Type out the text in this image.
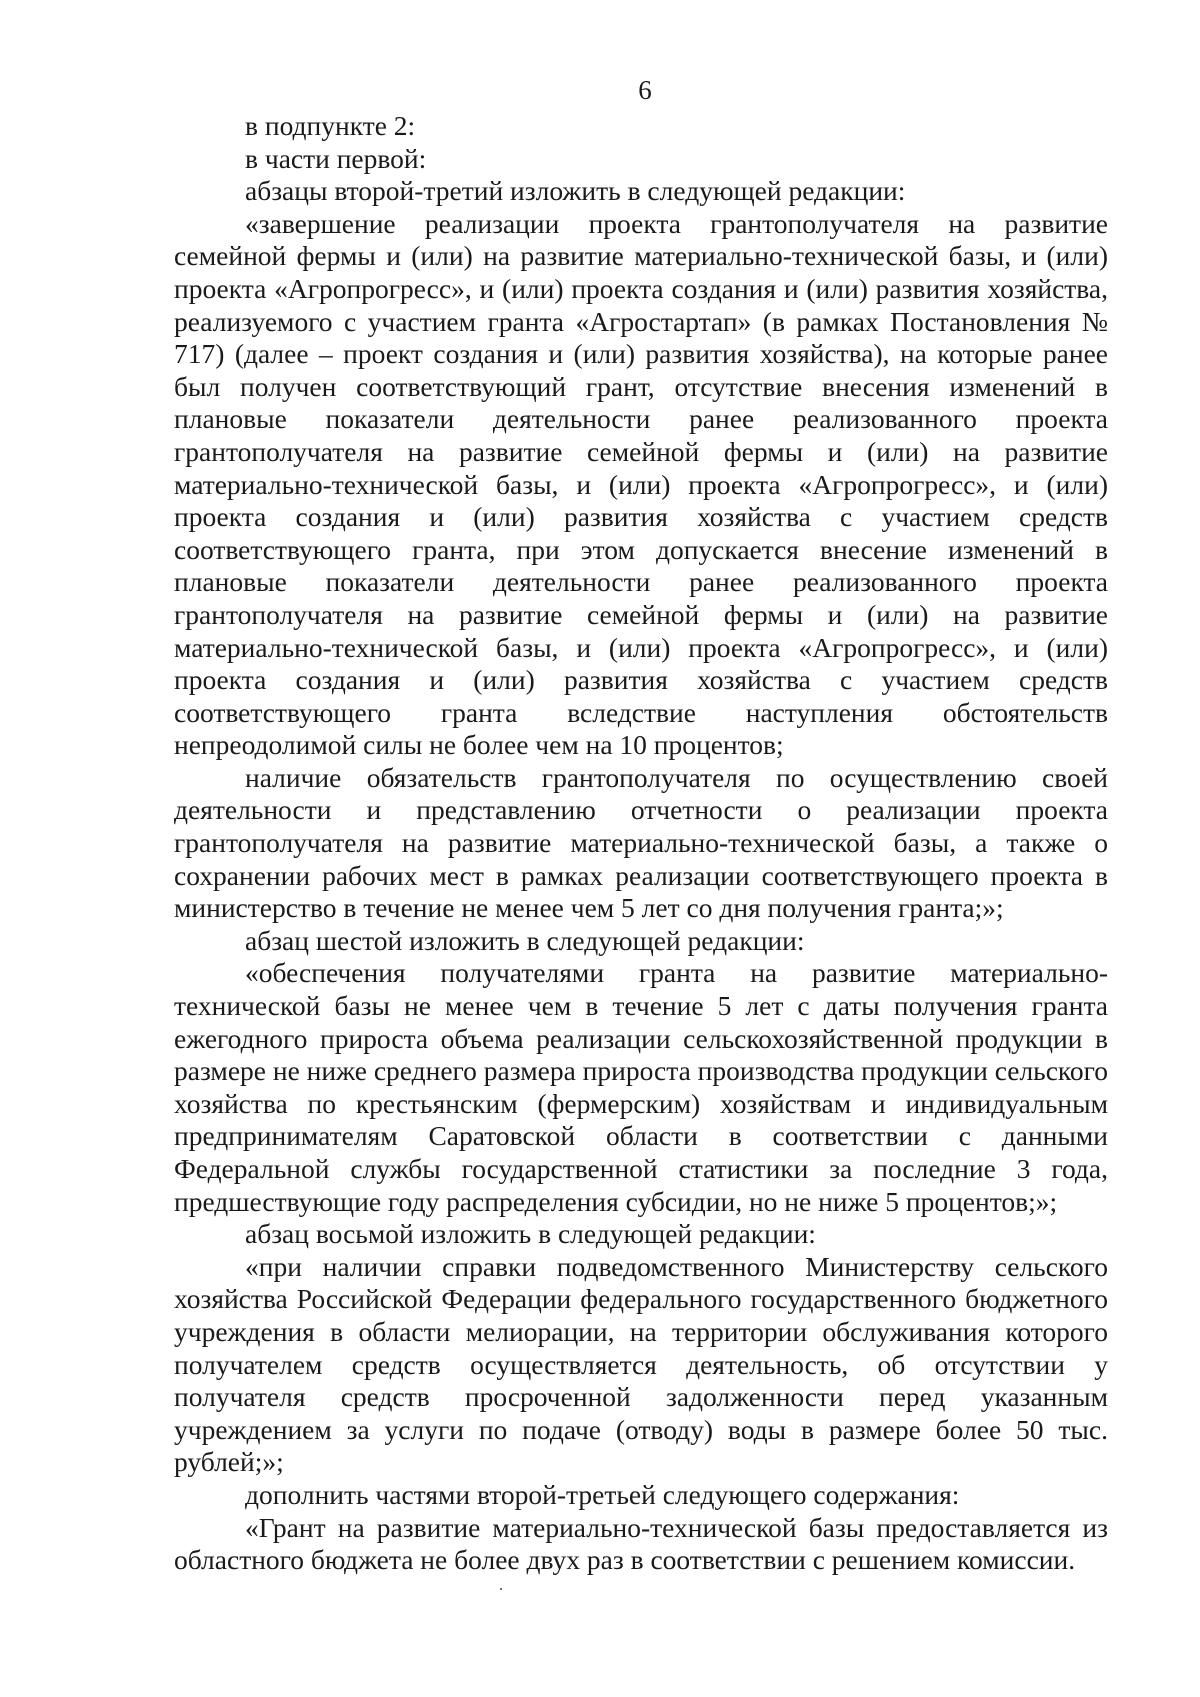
6

в подпункте 2:

в части первой:

абзацы второй-третий изложить в следующей редакции:

«завершение реализации проекта грантополучателя на развитие семейной фермы и (или) на развитие материально-технической базы, и (или) проекта «Агропрогресс», и (или) проекта создания и (или) развития хозяйства, реализуемого с участием гранта «Агростартап» (в рамках Постановления № 717) (далее – проект создания и (или) развития хозяйства), на которые ранее был получен соответствующий грант, отсутствие внесения изменений в плановые показатели деятельности ранее реализованного проекта грантополучателя на развитие семейной фермы и (или) на развитие материально-технической базы, и (или) проекта «Агропрогресс», и (или) проекта создания и (или) развития хозяйства с участием средств соответствующего гранта, при этом допускается внесение изменений в плановые показатели деятельности ранее реализованного проекта грантополучателя на развитие семейной фермы и (или) на развитие материально-технической базы, и (или) проекта «Агропрогресс», и (или) проекта создания и (или) развития хозяйства с участием средств соответствующего гранта вследствие наступления обстоятельств непреодолимой силы не более чем на 10 процентов;

наличие обязательств грантополучателя по осуществлению своей деятельности и представлению отчетности о реализации проекта грантополучателя на развитие материально-технической базы, а также о сохранении рабочих мест в рамках реализации соответствующего проекта в министерство в течение не менее чем 5 лет со дня получения гранта;»;

абзац шестой изложить в следующей редакции:

«обеспечения получателями гранта на развитие материально-технической базы не менее чем в течение 5 лет с даты получения гранта ежегодного прироста объема реализации сельскохозяйственной продукции в размере не ниже среднего размера прироста производства продукции сельского хозяйства по крестьянским (фермерским) хозяйствам и индивидуальным предпринимателям Саратовской области в соответствии с данными Федеральной службы государственной статистики за последние 3 года, предшествующие году распределения субсидии, но не ниже 5 процентов;»;

абзац восьмой изложить в следующей редакции:

«при наличии справки подведомственного Министерству сельского хозяйства Российской Федерации федерального государственного бюджетного учреждения в области мелиорации, на территории обслуживания которого получателем средств осуществляется деятельность, об отсутствии у получателя средств просроченной задолженности перед указанным учреждением за услуги по подаче (отводу) воды в размере более 50 тыс. рублей;»;

дополнить частями второй-третьей следующего содержания:

«Грант на развитие материально-технической базы предоставляется из областного бюджета не более двух раз в соответствии с решением комиссии.
